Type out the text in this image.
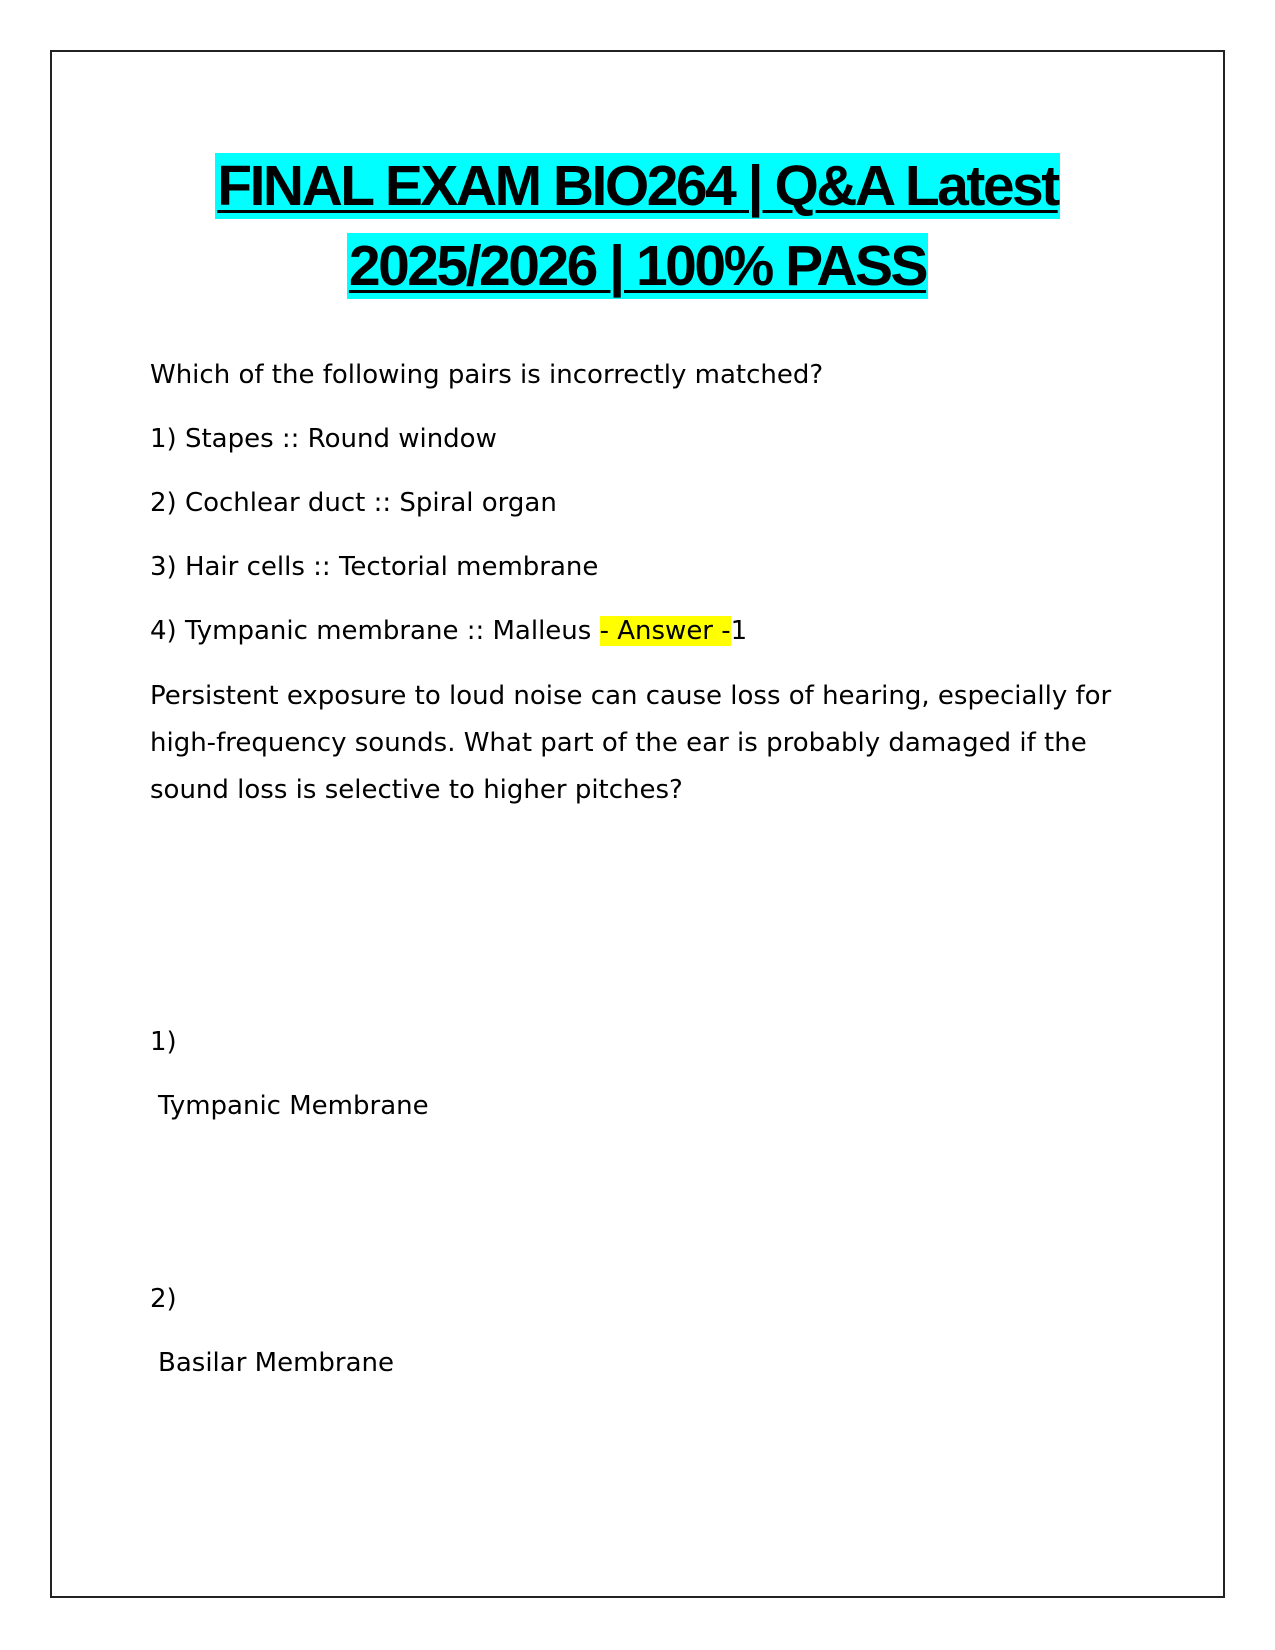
FINAL EXAM BIO264 | Q&A Latest
2025/2026 | 100% PASS
Which of the following pairs is incorrectly matched?
1) Stapes :: Round window
2) Cochlear duct :: Spiral organ
3) Hair cells :: Tectorial membrane
4) Tympanic membrane :: Malleus - Answer -1
Persistent exposure to loud noise can cause loss of hearing, especially for high-frequency sounds. What part of the ear is probably damaged if the sound loss is selective to higher pitches?
1)
Tympanic Membrane
2)
Basilar Membrane
